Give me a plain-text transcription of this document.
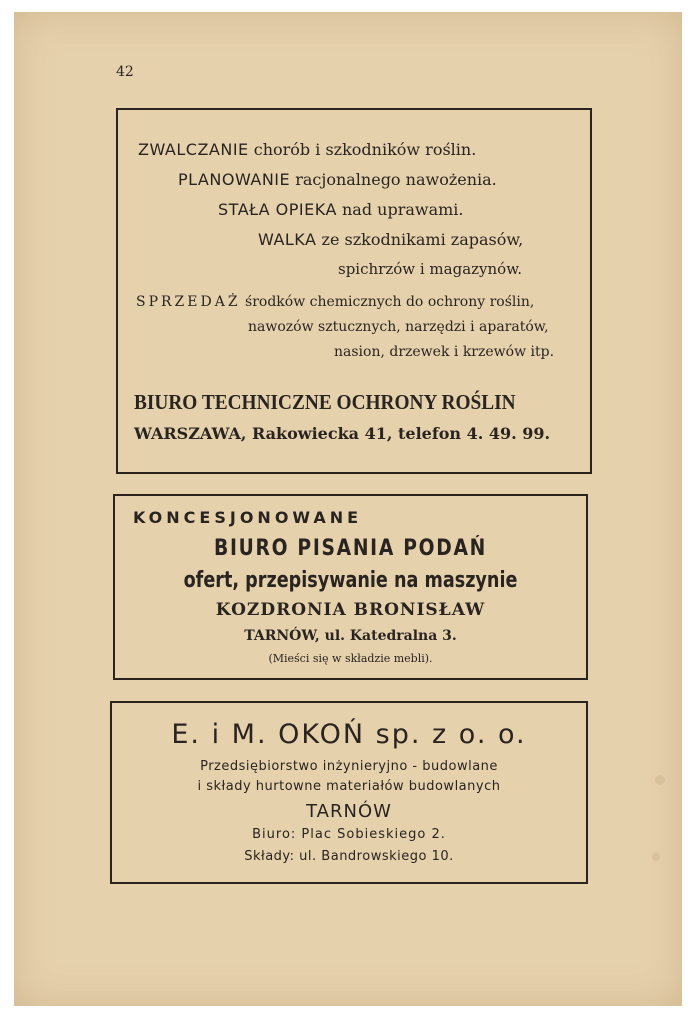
42
ZWALCZANIE chorób i szkodników roślin.
PLANOWANIE racjonalnego nawożenia.
STAŁA OPIEKA nad uprawami.
WALKA ze szkodnikami zapasów,
spichrzów i magazynów.
SPRZEDAŻ środków chemicznych do ochrony roślin,
nawozów sztucznych, narzędzi i aparatów,
nasion, drzewek i krzewów itp.
BIURO TECHNICZNE OCHRONY ROŚLIN
WARSZAWA, Rakowiecka 41, telefon 4. 49. 99.
KONCESJONOWANE
BIURO PISANIA PODAŃ
ofert, przepisywanie na maszynie
KOZDRONIA BRONISŁAW
TARNÓW, ul. Katedralna 3.
(Mieści się w składzie mebli).
E. i M. OKOŃ sp. z o. o.
Przedsiębiorstwo inżynieryjno - budowlane
i składy hurtowne materiałów budowlanych
TARNÓW
Biuro: Plac Sobieskiego 2.
Składy: ul. Bandrowskiego 10.
